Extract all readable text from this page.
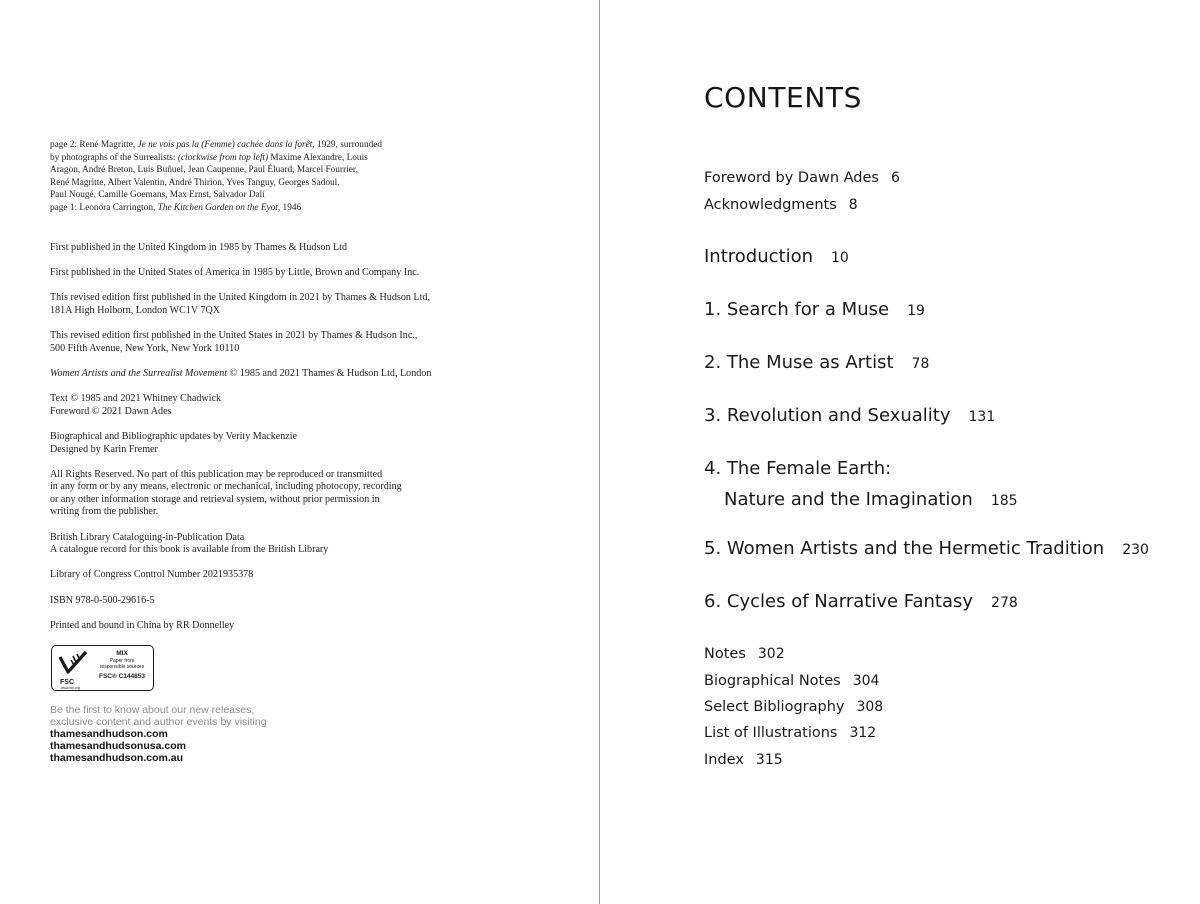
page 2: René Magritte, Je ne vois pas la (Femme) cachée dans la forêt, 1929, surrounded
by photographs of the Surrealists: (clockwise from top left) Maxime Alexandre, Louis
Aragon, André Breton, Luis Buñuel, Jean Caupenne, Paul Éluard, Marcel Fourrier,
René Magritte, Albert Valentin, André Thirion, Yves Tanguy, Georges Sadoul,
Paul Nougé, Camille Goemans, Max Ernst, Salvador Dalí
page 1: Leonora Carrington, The Kitchen Garden on the Eyot, 1946

First published in the United Kingdom in 1985 by Thames & Hudson Ltd

First published in the United States of America in 1985 by Little, Brown and Company Inc.

This revised edition first published in the United Kingdom in 2021 by Thames & Hudson Ltd,
181A High Holborn, London WC1V 7QX

This revised edition first published in the United States in 2021 by Thames & Hudson Inc.,
500 Fifth Avenue, New York, New York 10110

Women Artists and the Surrealist Movement © 1985 and 2021 Thames & Hudson Ltd, London

Text © 1985 and 2021 Whitney Chadwick
Foreword © 2021 Dawn Ades

Biographical and Bibliographic updates by Verity Mackenzie
Designed by Karin Fremer

All Rights Reserved. No part of this publication may be reproduced or transmitted
in any form or by any means, electronic or mechanical, including photocopy, recording
or any other information storage and retrieval system, without prior permission in
writing from the publisher.

British Library Cataloguing-in-Publication Data
A catalogue record for this book is available from the British Library

Library of Congress Control Number 2021935378

ISBN 978-0-500-29616-5

Printed and bound in China by RR Donnelley

FSC
www.fsc.org
MIX
Paper from
responsible sources
FSC® C144853
Be the first to know about our new releases,
exclusive content and author events by visiting
thamesandhudson.com
thamesandhudsonusa.com
thamesandhudson.com.au
CONTENTS
Foreword by Dawn Ades 6
Acknowledgments 8
Introduction 10
1. Search for a Muse 19
2. The Muse as Artist 78
3. Revolution and Sexuality 131
4. The Female Earth:
Nature and the Imagination 185
5. Women Artists and the Hermetic Tradition 230
6. Cycles of Narrative Fantasy 278
Notes 302
Biographical Notes 304
Select Bibliography 308
List of Illustrations 312
Index 315
